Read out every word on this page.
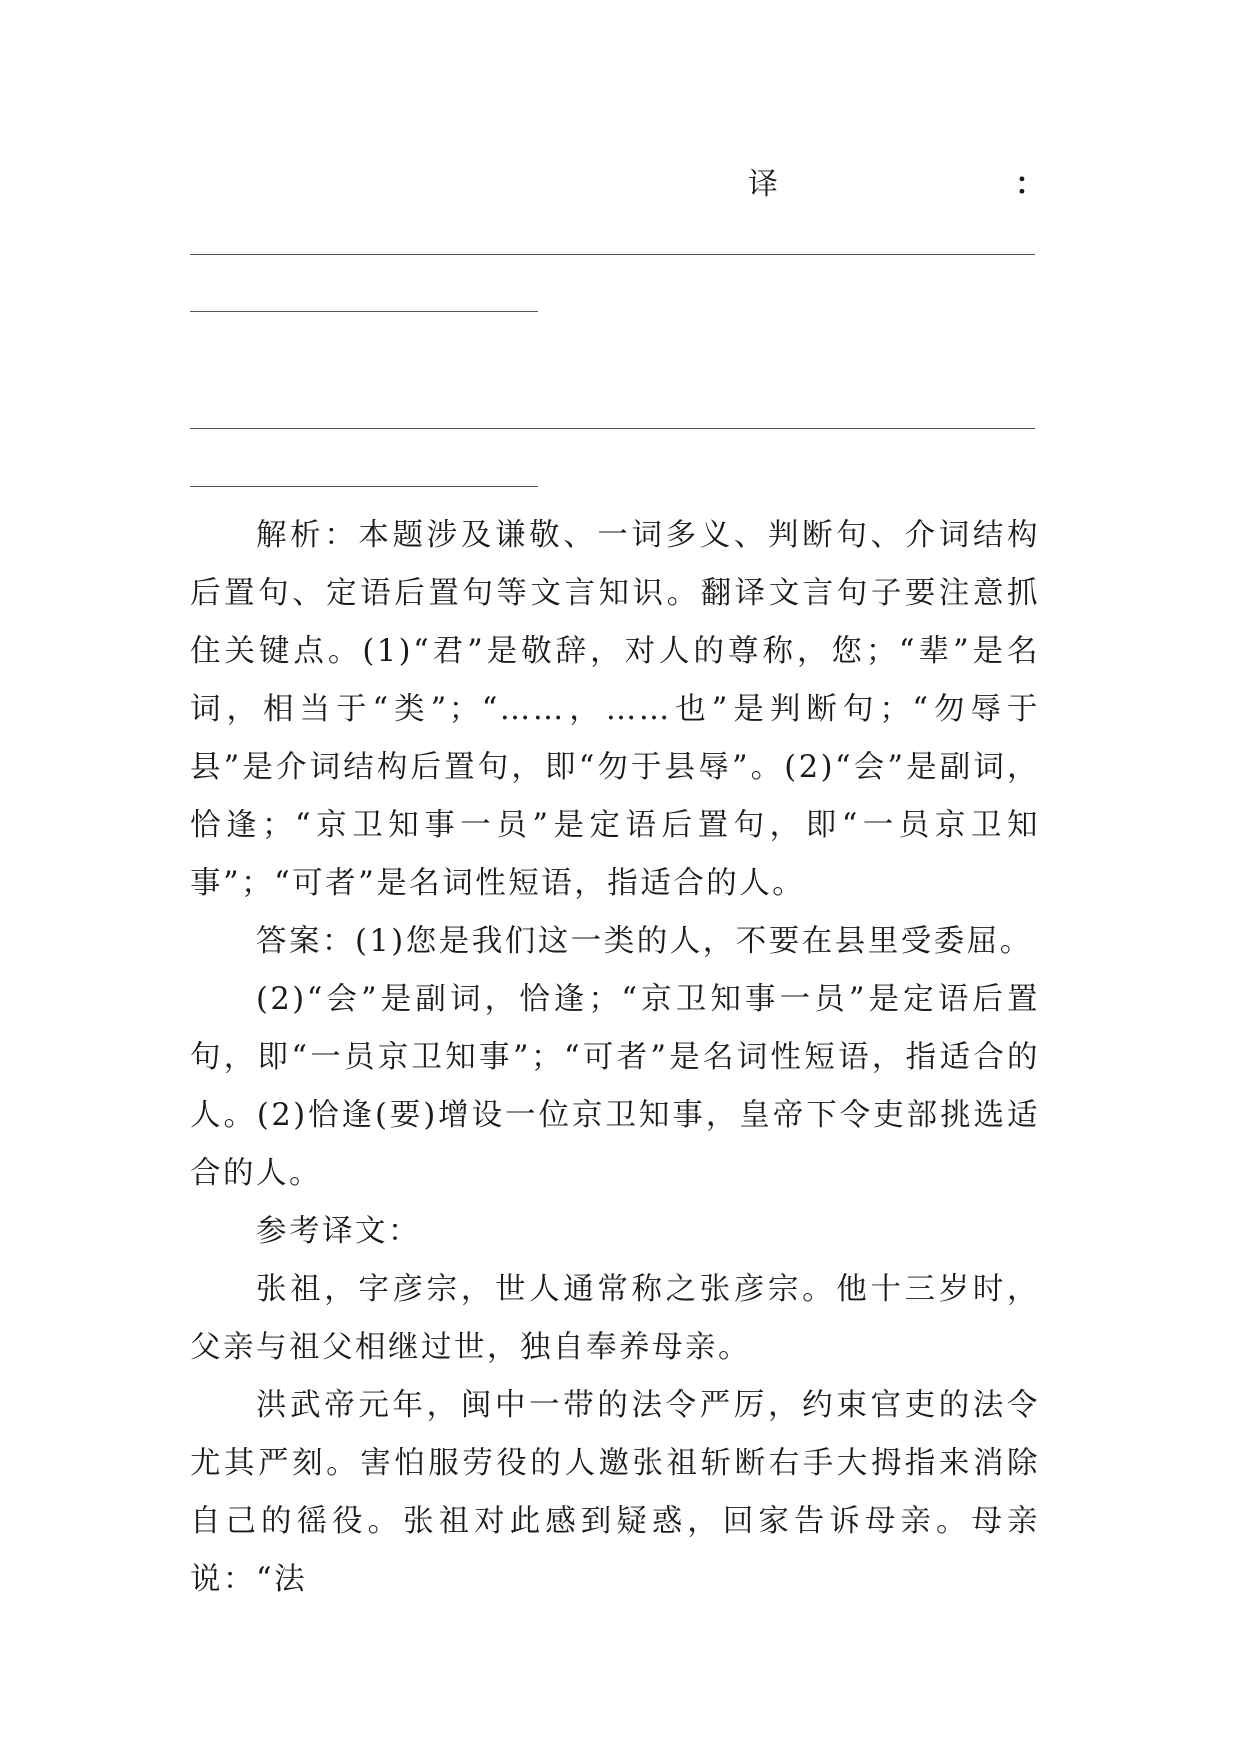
译	：

解析：本题涉及谦敬、一词多义、判断句、介词结构后置句、定语后置句等文言知识。翻译文言句子要注意抓住关键点。(1)“君”是敬辞，对人的尊称，您；“辈”是名词，相当于“类”；“……，……也”是判断句；“勿辱于县”是介词结构后置句，即“勿于县辱”。(2)“会”是副词，恰逢；“京卫知事一员”是定语后置句，即“一员京卫知事”；“可者”是名词性短语，指适合的人。

答案：(1)您是我们这一类的人，不要在县里受委屈。

(2)“会”是副词，恰逢；“京卫知事一员”是定语后置句，即“一员京卫知事”；“可者”是名词性短语，指适合的人。(2)恰逢(要)增设一位京卫知事，皇帝下令吏部挑选适合的人。

参考译文：

张祖，字彦宗，世人通常称之张彦宗。他十三岁时，父亲与祖父相继过世，独自奉养母亲。

洪武帝元年，闽中一带的法令严厉，约束官吏的法令尤其严刻。害怕服劳役的人邀张祖斩断右手大拇指来消除自己的徭役。张祖对此感到疑惑，回家告诉母亲。母亲说：“法
